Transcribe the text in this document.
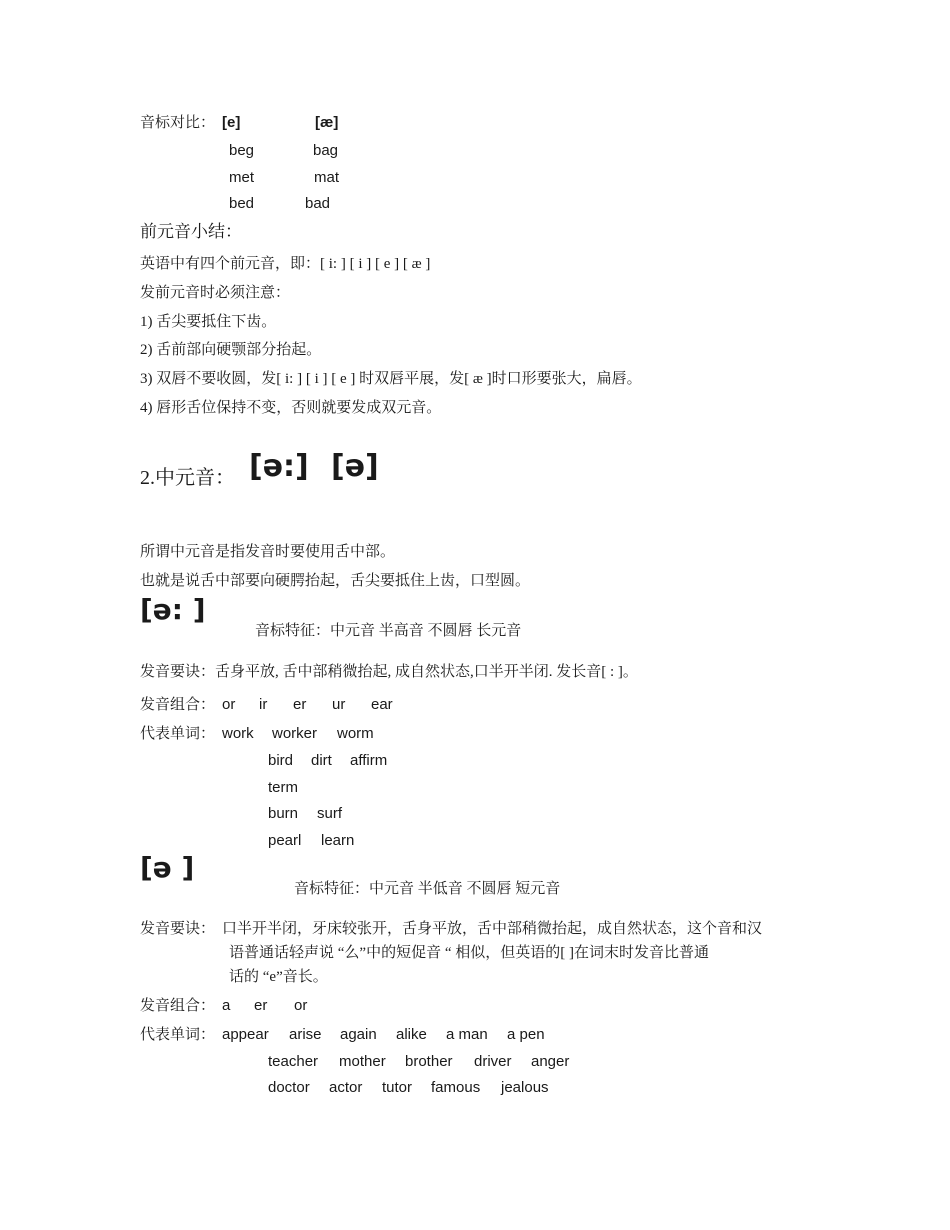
音标对比： [e]	[æ]
beg	bag
met	mat
bed	bad
前元音小结：
英语中有四个前元音，即：[ i: ] [ i ] [ e ] [ æ ]
发前元音时必须注意：
1) 舌尖要抵住下齿。
2) 舌前部向硬颚部分抬起。
3) 双唇不要收圆，发[ i: ] [ i ] [ e ] 时双唇平展，发[ æ ]时口形要张大，扁唇。
4) 唇形舌位保持不变，否则就要发成双元音。
2.中元音： [ə:] [ə]
所谓中元音是指发音时要使用舌中部。
也就是说舌中部要向硬腭抬起，舌尖要抵住上齿，口型圆。
[ə: ]
音标特征：中元音 半高音 不圆唇 长元音
发音要诀：舌身平放, 舌中部稍微抬起, 成自然状态,口半开半闭. 发长音[ : ]。
发音组合： or ir er ur ear
代表单词： work worker worm
bird dirt affirm
term
burn surf
pearl learn
[ə ]
音标特征：中元音 半低音 不圆唇 短元音
发音要诀： 口半开半闭，牙床较张开，舌身平放，舌中部稍微抬起，成自然状态，这个音和汉
语普通话轻声说 “么”中的短促音 “ 相似，但英语的[ ]在词末时发音比普通
话的 “e”音长。
发音组合： a er or
代表单词： appear arise again alike a man a pen
teacher mother brother driver anger
doctor actor tutor famous jealous
